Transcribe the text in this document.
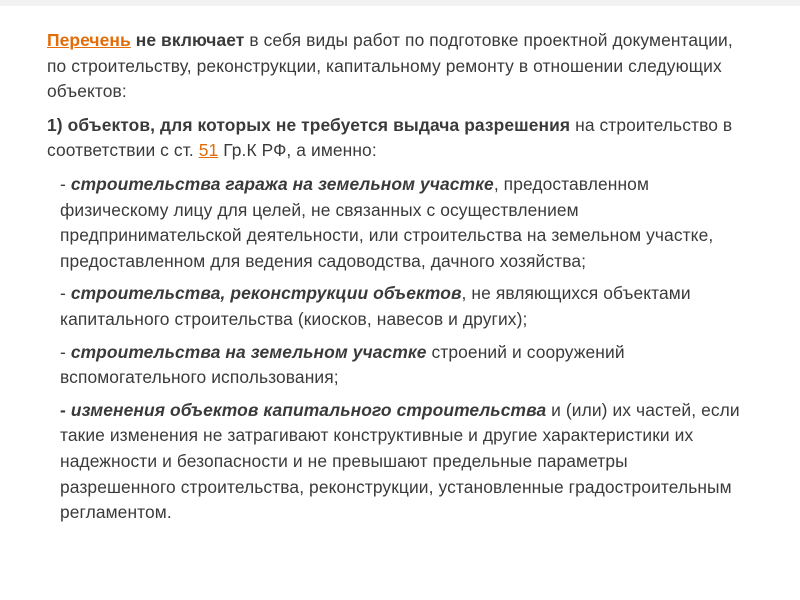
Перечень не включает в себя виды работ по подготовке проектной документации, по строительству, реконструкции, капитальному ремонту в отношении следующих объектов:

1) объектов, для которых не требуется выдача разрешения на строительство в соответствии с ст. 51 Гр.К РФ, а именно:

- строительства гаража на земельном участке, предоставленном физическому лицу для целей, не связанных с осуществлением предпринимательской деятельности, или строительства на земельном участке, предоставленном для ведения садоводства, дачного хозяйства;

- строительства, реконструкции объектов, не являющихся объектами капитального строительства (киосков, навесов и других);

- строительства на земельном участке строений и сооружений вспомогательного использования;

- изменения объектов капитального строительства и (или) их частей, если такие изменения не затрагивают конструктивные и другие характеристики их надежности и безопасности и не превышают предельные параметры разрешенного строительства, реконструкции, установленные градостроительным регламентом.
